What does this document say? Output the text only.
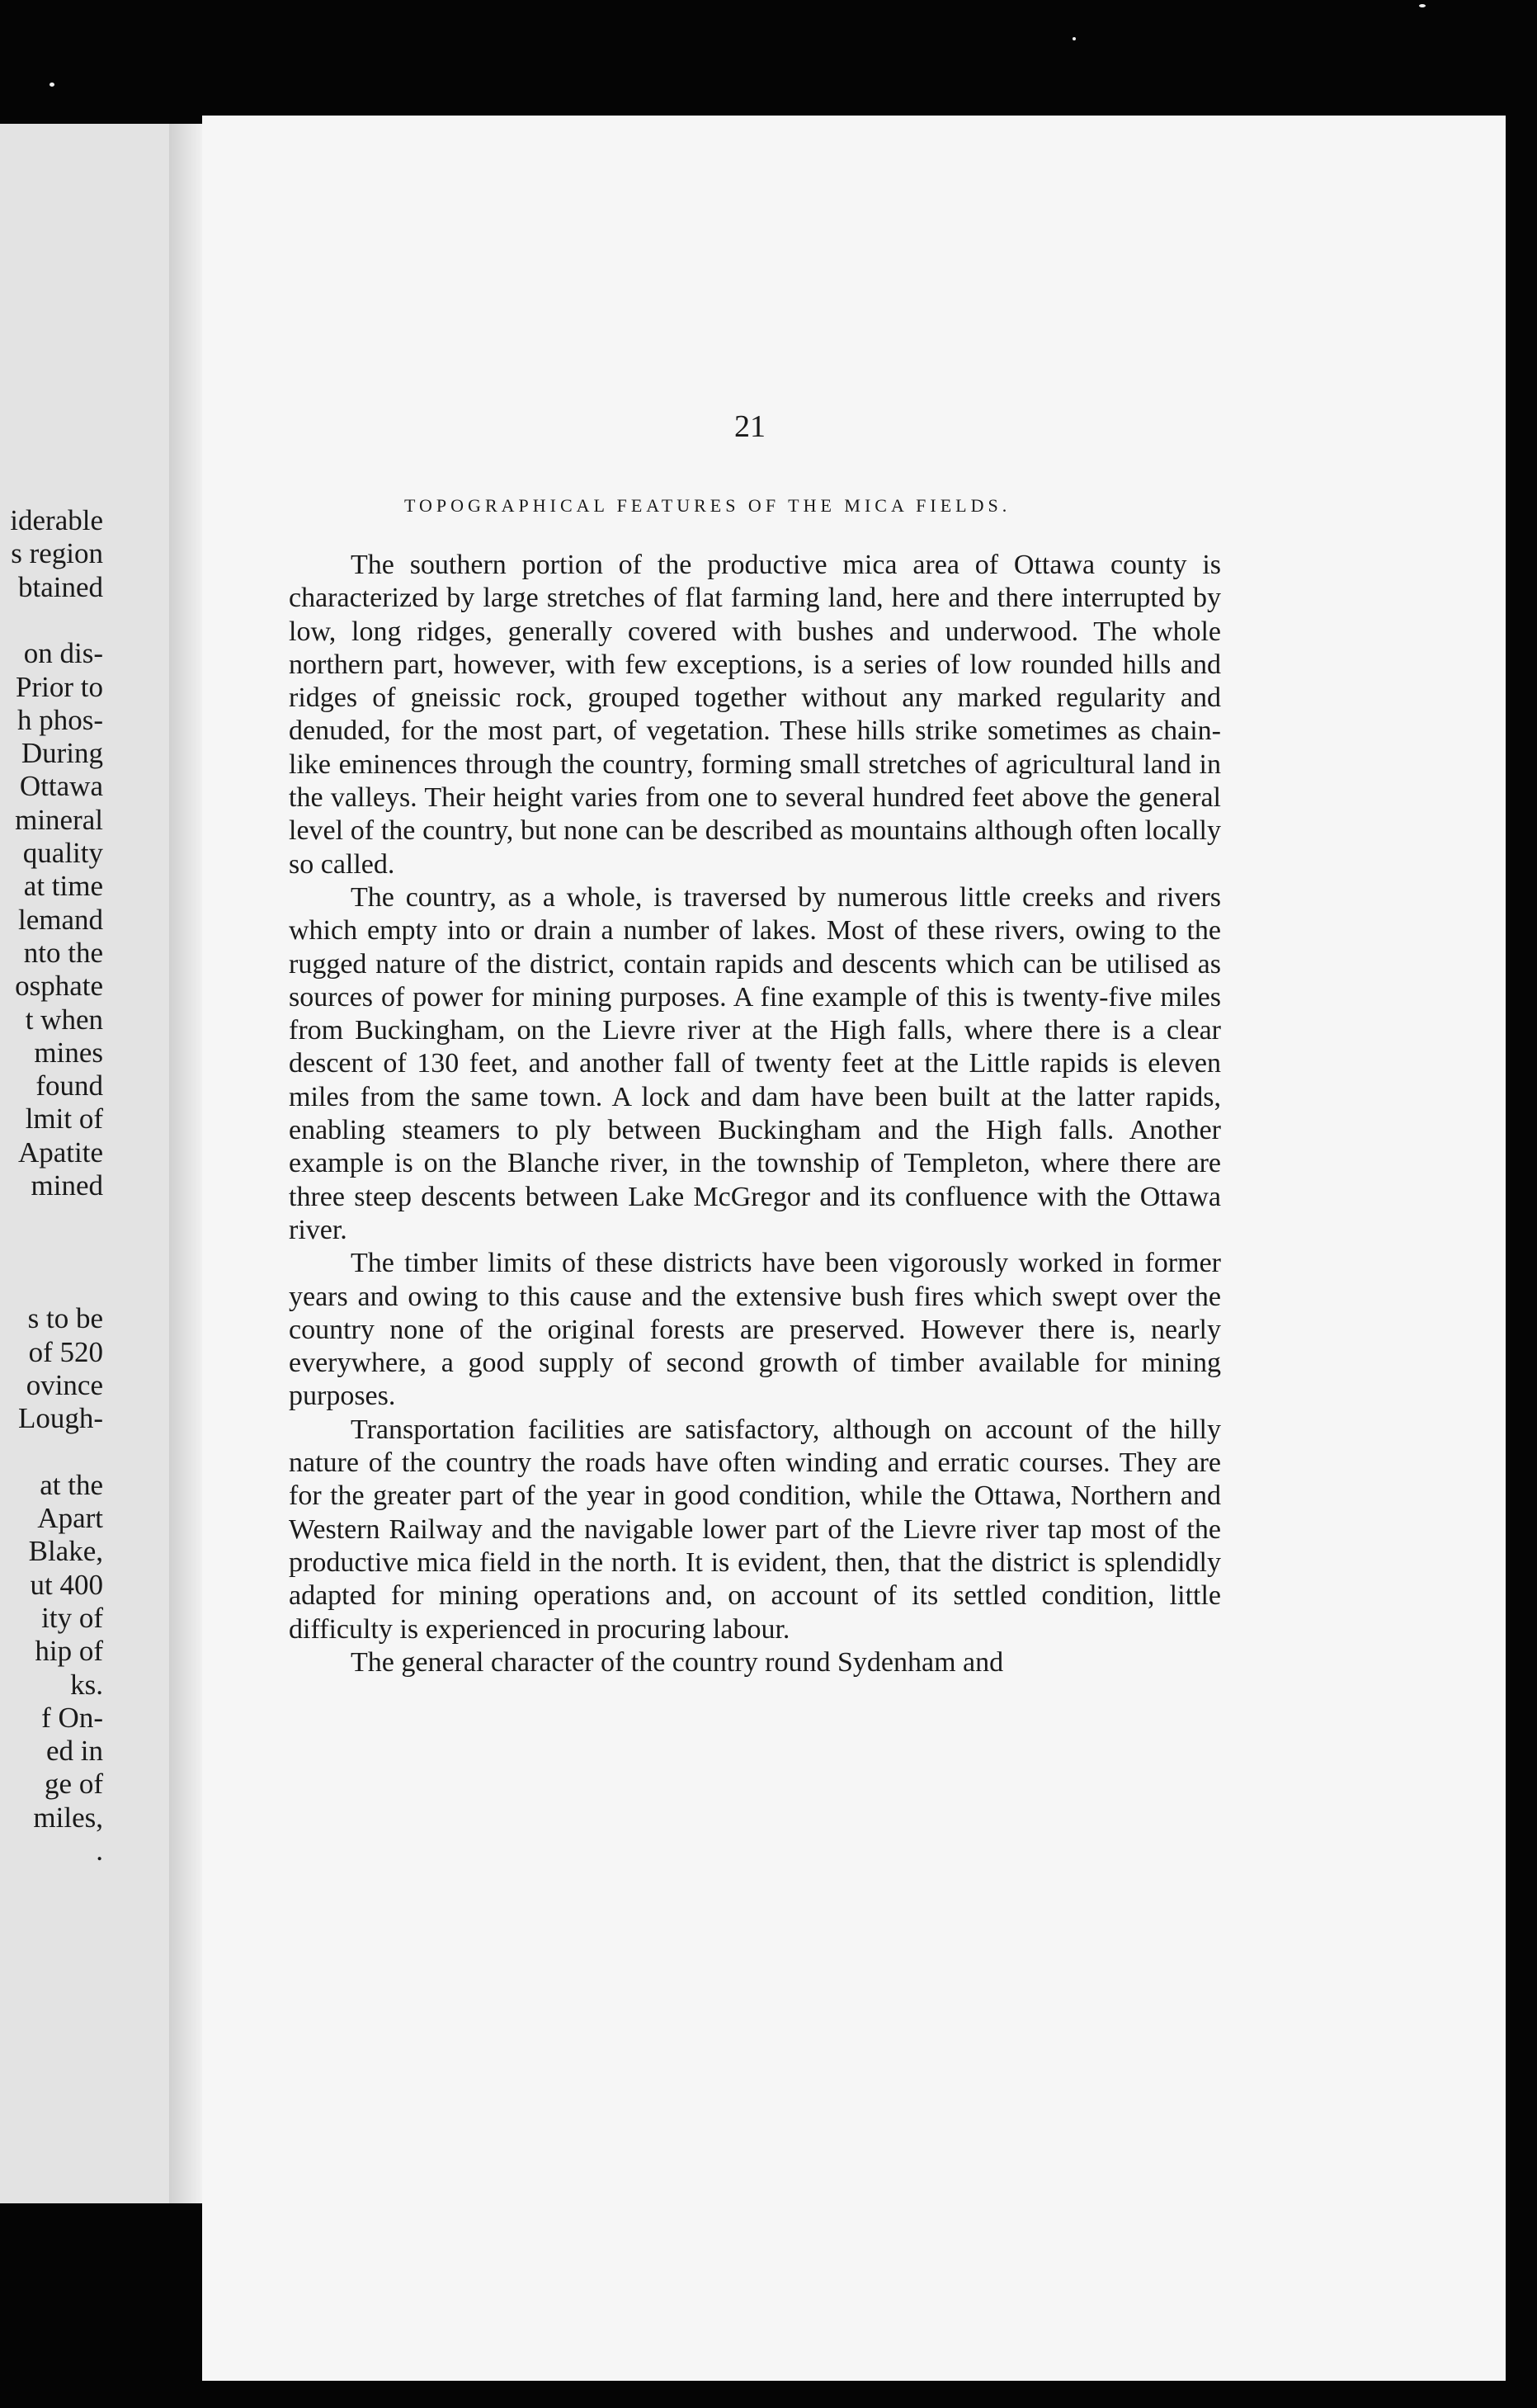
iderable
s region
btained
on dis-
Prior to
h phos-
During
Ottawa
mineral
quality
at time
lemand
nto the
osphate
t when
mines
found
lmit of
Apatite
mined
s to be
of 520
ovince
Lough-
at the
Apart
Blake,
ut 400
ity of
hip of
ks.
f On-
ed in
ge of
miles,
.
21
TOPOGRAPHICAL FEATURES OF THE MICA FIELDS.

The southern portion of the productive mica area of Ottawa county is characterized by large stretches of flat farming land, here and there interrupted by low, long ridges, generally covered with bushes and underwood. The whole northern part, however, with few exceptions, is a series of low rounded hills and ridges of gneissic rock, grouped together without any marked regularity and denuded, for the most part, of vegetation. These hills strike sometimes as chain-like eminences through the country, forming small stretches of agricultural land in the valleys. Their height varies from one to several hundred feet above the general level of the country, but none can be described as mountains although often locally so called.

The country, as a whole, is traversed by numerous little creeks and rivers which empty into or drain a number of lakes. Most of these rivers, owing to the rugged nature of the district, contain rapids and descents which can be utilised as sources of power for mining purposes. A fine example of this is twenty-five miles from Buckingham, on the Lievre river at the High falls, where there is a clear descent of 130 feet, and another fall of twenty feet at the Little rapids is eleven miles from the same town. A lock and dam have been built at the latter rapids, enabling steamers to ply between Buckingham and the High falls. Another example is on the Blanche river, in the township of Templeton, where there are three steep descents between Lake McGregor and its confluence with the Ottawa river.

The timber limits of these districts have been vigorously worked in former years and owing to this cause and the extensive bush fires which swept over the country none of the original forests are preserved. However there is, nearly everywhere, a good supply of second growth of timber available for mining purposes.

Transportation facilities are satisfactory, although on account of the hilly nature of the country the roads have often winding and erratic courses. They are for the greater part of the year in good condition, while the Ottawa, Northern and Western Railway and the navigable lower part of the Lievre river tap most of the productive mica field in the north. It is evident, then, that the district is splendidly adapted for mining operations and, on account of its settled condition, little difficulty is experienced in procuring labour.

The general character of the country round Sydenham and
